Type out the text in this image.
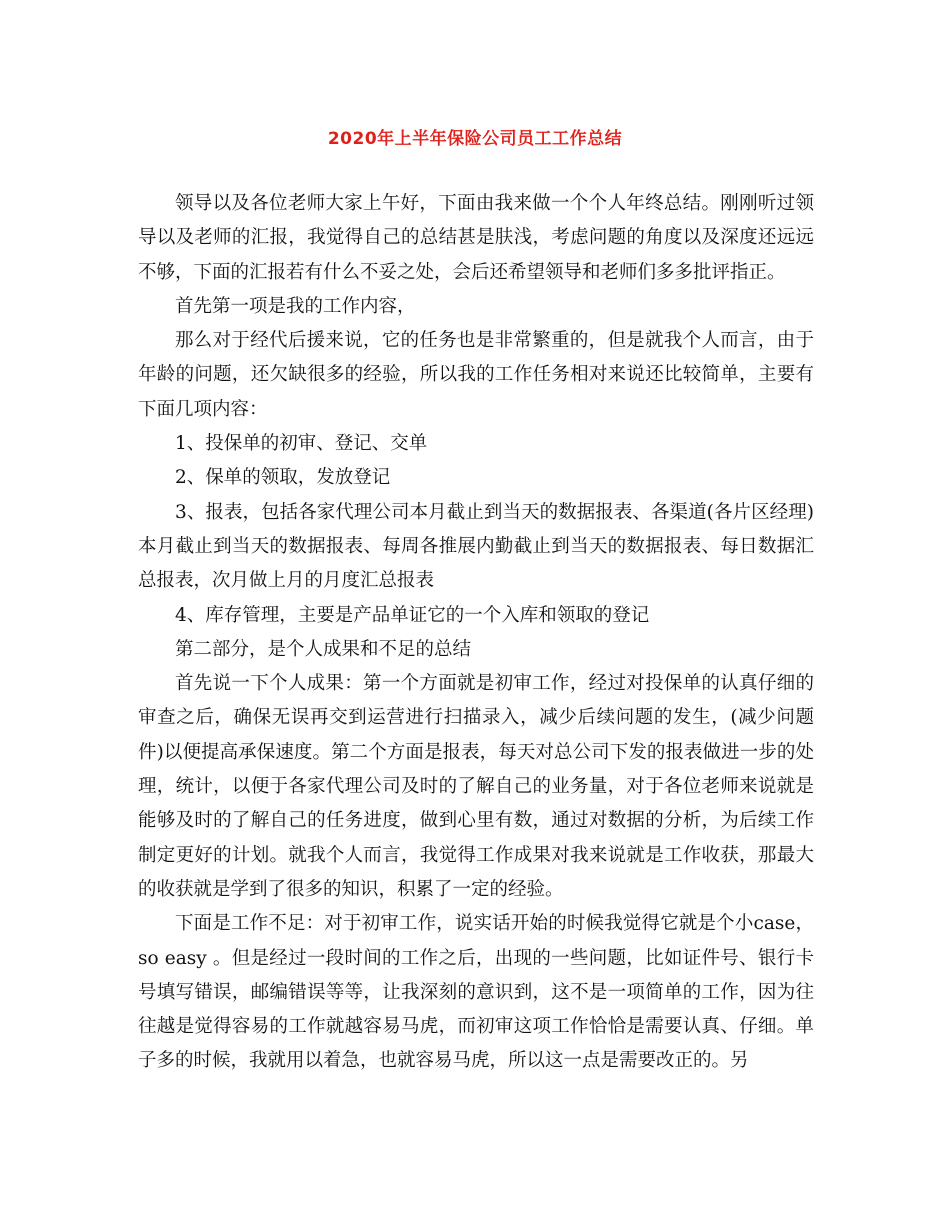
2020年上半年保险公司员工工作总结

领导以及各位老师大家上午好，下面由我来做一个个人年终总结。刚刚听过领导以及老师的汇报，我觉得自己的总结甚是肤浅，考虑问题的角度以及深度还远远不够，下面的汇报若有什么不妥之处，会后还希望领导和老师们多多批评指正。

首先第一项是我的工作内容，

那么对于经代后援来说，它的任务也是非常繁重的，但是就我个人而言，由于年龄的问题，还欠缺很多的经验，所以我的工作任务相对来说还比较简单，主要有下面几项内容：

1、投保单的初审、登记、交单

2、保单的领取，发放登记

3、报表，包括各家代理公司本月截止到当天的数据报表、各渠道(各片区经理)本月截止到当天的数据报表、每周各推展内勤截止到当天的数据报表、每日数据汇总报表，次月做上月的月度汇总报表

4、库存管理，主要是产品单证它的一个入库和领取的登记

第二部分，是个人成果和不足的总结

首先说一下个人成果：第一个方面就是初审工作，经过对投保单的认真仔细的审查之后，确保无误再交到运营进行扫描录入，减少后续问题的发生，(减少问题件)以便提高承保速度。第二个方面是报表，每天对总公司下发的报表做进一步的处理，统计，以便于各家代理公司及时的了解自己的业务量，对于各位老师来说就是能够及时的了解自己的任务进度，做到心里有数，通过对数据的分析，为后续工作制定更好的计划。就我个人而言，我觉得工作成果对我来说就是工作收获，那最大的收获就是学到了很多的知识，积累了一定的经验。

下面是工作不足：对于初审工作，说实话开始的时候我觉得它就是个小case， so easy 。但是经过一段时间的工作之后，出现的一些问题，比如证件号、银行卡号填写错误，邮编错误等等，让我深刻的意识到，这不是一项简单的工作，因为往往越是觉得容易的工作就越容易马虎，而初审这项工作恰恰是需要认真、仔细。单子多的时候，我就用以着急，也就容易马虎，所以这一点是需要改正的。另
